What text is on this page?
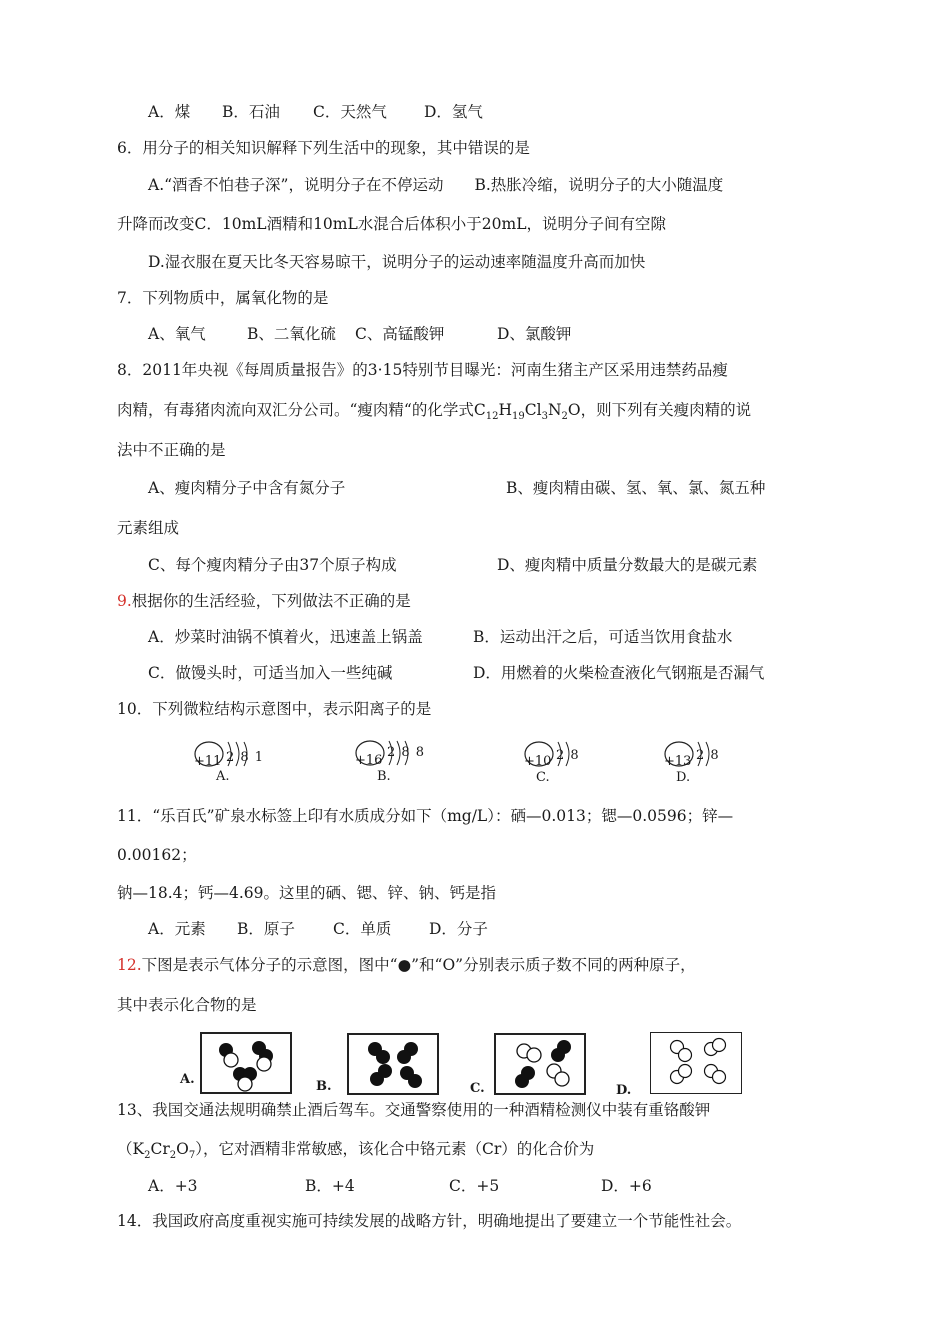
A．煤 B．石油 C．天然气 D．氢气
6．用分子的相关知识解释下列生活中的现象，其中错误的是
A.“酒香不怕巷子深”，说明分子在不停运动　　B.热胀冷缩，说明分子的大小随温度
升降而改变C．10mL酒精和10mL水混合后体积小于20mL，说明分子间有空隙
D.湿衣服在夏天比冬天容易晾干，说明分子的运动速率随温度升高而加快
7．下列物质中，属氧化物的是
A、氧气	B、二氧化硫 C、高锰酸钾	D、氯酸钾
8．2011年央视《每周质量报告》的3·15特别节目曝光：河南生猪主产区采用违禁药品瘦
肉精，有毒猪肉流向双汇分公司。“瘦肉精“的化学式$C_{12}H_{19}Cl_3N_2O$，则下列有关瘦肉精的说
法中不正确的是
A、瘦肉精分子中含有氮分子	B、瘦肉精由碳、氢、氧、氯、氮五种
元素组成
C、每个瘦肉精分子由37个原子构成	D、瘦肉精中质量分数最大的是碳元素
9.根据你的生活经验，下列做法不正确的是
A．炒菜时油锅不慎着火，迅速盖上锅盖	B．运动出汗之后，可适当饮用食盐水
C．做馒头时，可适当加入一些纯碱	D．用燃着的火柴检查液化气钢瓶是否漏气
10．下列微粒结构示意图中，表示阳离子的是
+11 2 8 1
A.
+16
2 8 8
B.
+10 2 8
C.
+13 2 8
D.
11．“乐百氏”矿泉水标签上印有水质成分如下（mg/L）：硒—0.013；锶—0.0596；锌—
0.00162；
钠—18.4；钙—4.69。这里的硒、锶、锌、钠、钙是指
A．元素 B．原子 C．单质 D．分子
12.下图是表示气体分子的示意图，图中“●”和“O”分别表示质子数不同的两种原子，
其中表示化合物的是
A.	B.	C.	D.
13、我国交通法规明确禁止酒后驾车。交通警察使用的一种酒精检测仪中装有重铬酸钾
$(K_2Cr_2O_7)$，它对酒精非常敏感，该化合中铬元素（Cr）的化合价为
A．+3	B．+4	C．+5	D．+6
14．我国政府高度重视实施可持续发展的战略方针，明确地提出了要建立一个节能性社会。
